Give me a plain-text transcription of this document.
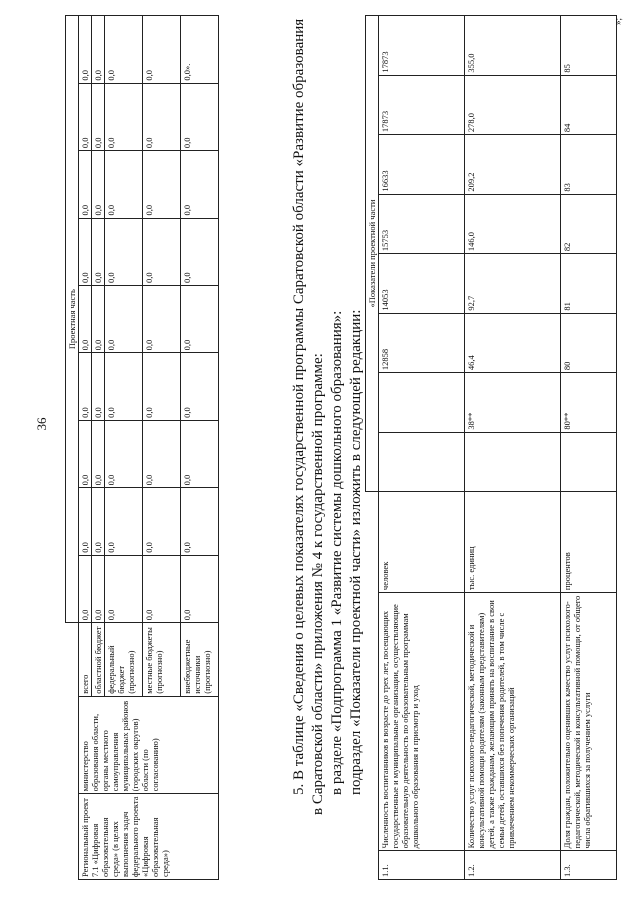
36
			Проектная часть								
Региональный проект 7.1 «Цифровая образовательная среда» (в целях выполнения задач федерального проекта «Цифровая образовательная среда»)	министерство образования области, органы местного самоуправления муниципальных районов (городских округов) области (по согласованию)	всего	0,0	0,0	0,0	0,0	0,0	0,0	0,0	0,0	0,0
		областной бюджет	0,0	0,0	0,0	0,0	0,0	0,0	0,0	0,0	0,0
		федеральный бюджет (прогнозно)	0,0	0,0	0,0	0,0	0,0	0,0	0,0	0,0	0,0
		местные бюджеты (прогнозно)	0,0	0,0	0,0	0,0	0,0	0,0	0,0	0,0	0,0
		внебюджетные источники (прогнозно)	0,0	0,0	0,0	0,0	0,0	0,0	0,0	0,0	0,0».	5. В таблице «Сведения о целевых показателях государственной программы Саратовской области «Развитие образования в Саратовской области» приложения № 4 к государственной программе: в разделе «Подпрограмма 1 «Развитие системы дошкольного образования»: подраздел «Показатели проектной части» изложить в следующей редакции:

			«Показатели проектной части							
1.1.	Численность воспитанников в возрасте до трех лет, посещающих государственные и муниципальные организации, осуществляющие образовательную деятельность по образовательным программам дошкольного образования и присмотр и уход	человек			12858	14053	15753	16633	17873	17873
1.2.	Количество услуг психолого-педагогической, методической и консультативной помощи родителям (законным представителям) детей, а также гражданам, желающим принять на воспитание в свои семьи детей, оставшихся без попечения родителей, в том числе с привлечением некоммерческих организаций	тыс. единиц		38**	46,4	92,7	146,0	209,2	278,0	355,0
1.3.	Доля граждан, положительно оценивших качество услуг психолого-педагогической, методической и консультативной помощи, от общего числа обратившихся за получением услуги	процентов		80**	80	81	82	83	84	85
»;
